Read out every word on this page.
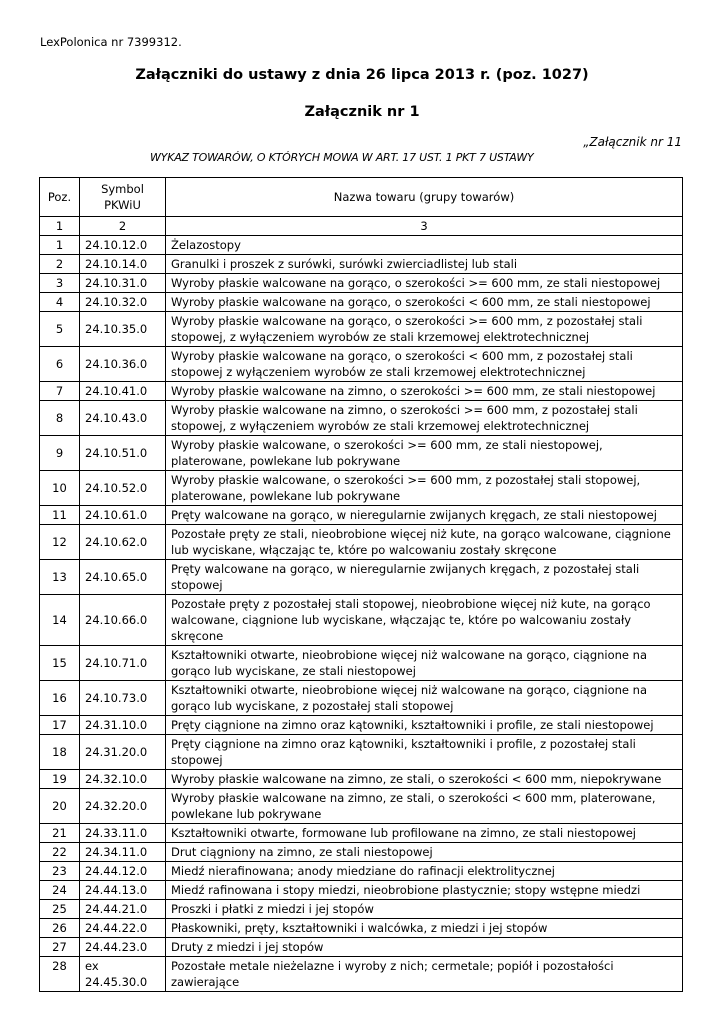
LexPolonica nr 7399312.
Załączniki do ustawy z dnia 26 lipca 2013 r. (poz. 1027)
Załącznik nr 1
„Załącznik nr 11
WYKAZ TOWARÓW, O KTÓRYCH MOWA W ART. 17 UST. 1 PKT 7 USTAWY
Poz.	Symbol PKWiU	Nazwa towaru (grupy towarów)
1	2	3
1	24.10.12.0	Żelazostopy
2	24.10.14.0	Granulki i proszek z surówki, surówki zwierciadlistej lub stali
3	24.10.31.0	Wyroby płaskie walcowane na gorąco, o szerokości >= 600 mm, ze stali niestopowej
4	24.10.32.0	Wyroby płaskie walcowane na gorąco, o szerokości < 600 mm, ze stali niestopowej
5	24.10.35.0	Wyroby płaskie walcowane na gorąco, o szerokości >= 600 mm, z pozostałej stali stopowej, z wyłączeniem wyrobów ze stali krzemowej elektrotechnicznej
6	24.10.36.0	Wyroby płaskie walcowane na gorąco, o szerokości < 600 mm, z pozostałej stali stopowej z wyłączeniem wyrobów ze stali krzemowej elektrotechnicznej
7	24.10.41.0	Wyroby płaskie walcowane na zimno, o szerokości >= 600 mm, ze stali niestopowej
8	24.10.43.0	Wyroby płaskie walcowane na zimno, o szerokości >= 600 mm, z pozostałej stali stopowej, z wyłączeniem wyrobów ze stali krzemowej elektrotechnicznej
9	24.10.51.0	Wyroby płaskie walcowane, o szerokości >= 600 mm, ze stali niestopowej, platerowane, powlekane lub pokrywane
10	24.10.52.0	Wyroby płaskie walcowane, o szerokości >= 600 mm, z pozostałej stali stopowej, platerowane, powlekane lub pokrywane
11	24.10.61.0	Pręty walcowane na gorąco, w nieregularnie zwijanych kręgach, ze stali niestopowej
12	24.10.62.0	Pozostałe pręty ze stali, nieobrobione więcej niż kute, na gorąco walcowane, ciągnione lub wyciskane, włączając te, które po walcowaniu zostały skręcone
13	24.10.65.0	Pręty walcowane na gorąco, w nieregularnie zwijanych kręgach, z pozostałej stali stopowej
14	24.10.66.0	Pozostałe pręty z pozostałej stali stopowej, nieobrobione więcej niż kute, na gorąco walcowane, ciągnione lub wyciskane, włączając te, które po walcowaniu zostały skręcone
15	24.10.71.0	Kształtowniki otwarte, nieobrobione więcej niż walcowane na gorąco, ciągnione na gorąco lub wyciskane, ze stali niestopowej
16	24.10.73.0	Kształtowniki otwarte, nieobrobione więcej niż walcowane na gorąco, ciągnione na gorąco lub wyciskane, z pozostałej stali stopowej
17	24.31.10.0	Pręty ciągnione na zimno oraz kątowniki, kształtowniki i profile, ze stali niestopowej
18	24.31.20.0	Pręty ciągnione na zimno oraz kątowniki, kształtowniki i profile, z pozostałej stali stopowej
19	24.32.10.0	Wyroby płaskie walcowane na zimno, ze stali, o szerokości < 600 mm, niepokrywane
20	24.32.20.0	Wyroby płaskie walcowane na zimno, ze stali, o szerokości < 600 mm, platerowane, powlekane lub pokrywane
21	24.33.11.0	Kształtowniki otwarte, formowane lub profilowane na zimno, ze stali niestopowej
22	24.34.11.0	Drut ciągniony na zimno, ze stali niestopowej
23	24.44.12.0	Miedź nierafinowana; anody miedziane do rafinacji elektrolitycznej
24	24.44.13.0	Miedź rafinowana i stopy miedzi, nieobrobione plastycznie; stopy wstępne miedzi
25	24.44.21.0	Proszki i płatki z miedzi i jej stopów
26	24.44.22.0	Płaskowniki, pręty, kształtowniki i walcówka, z miedzi i jej stopów
27	24.44.23.0	Druty z miedzi i jej stopów
28	ex 24.45.30.0	Pozostałe metale nieżelazne i wyroby z nich; cermetale; popiół i pozostałości zawierające
